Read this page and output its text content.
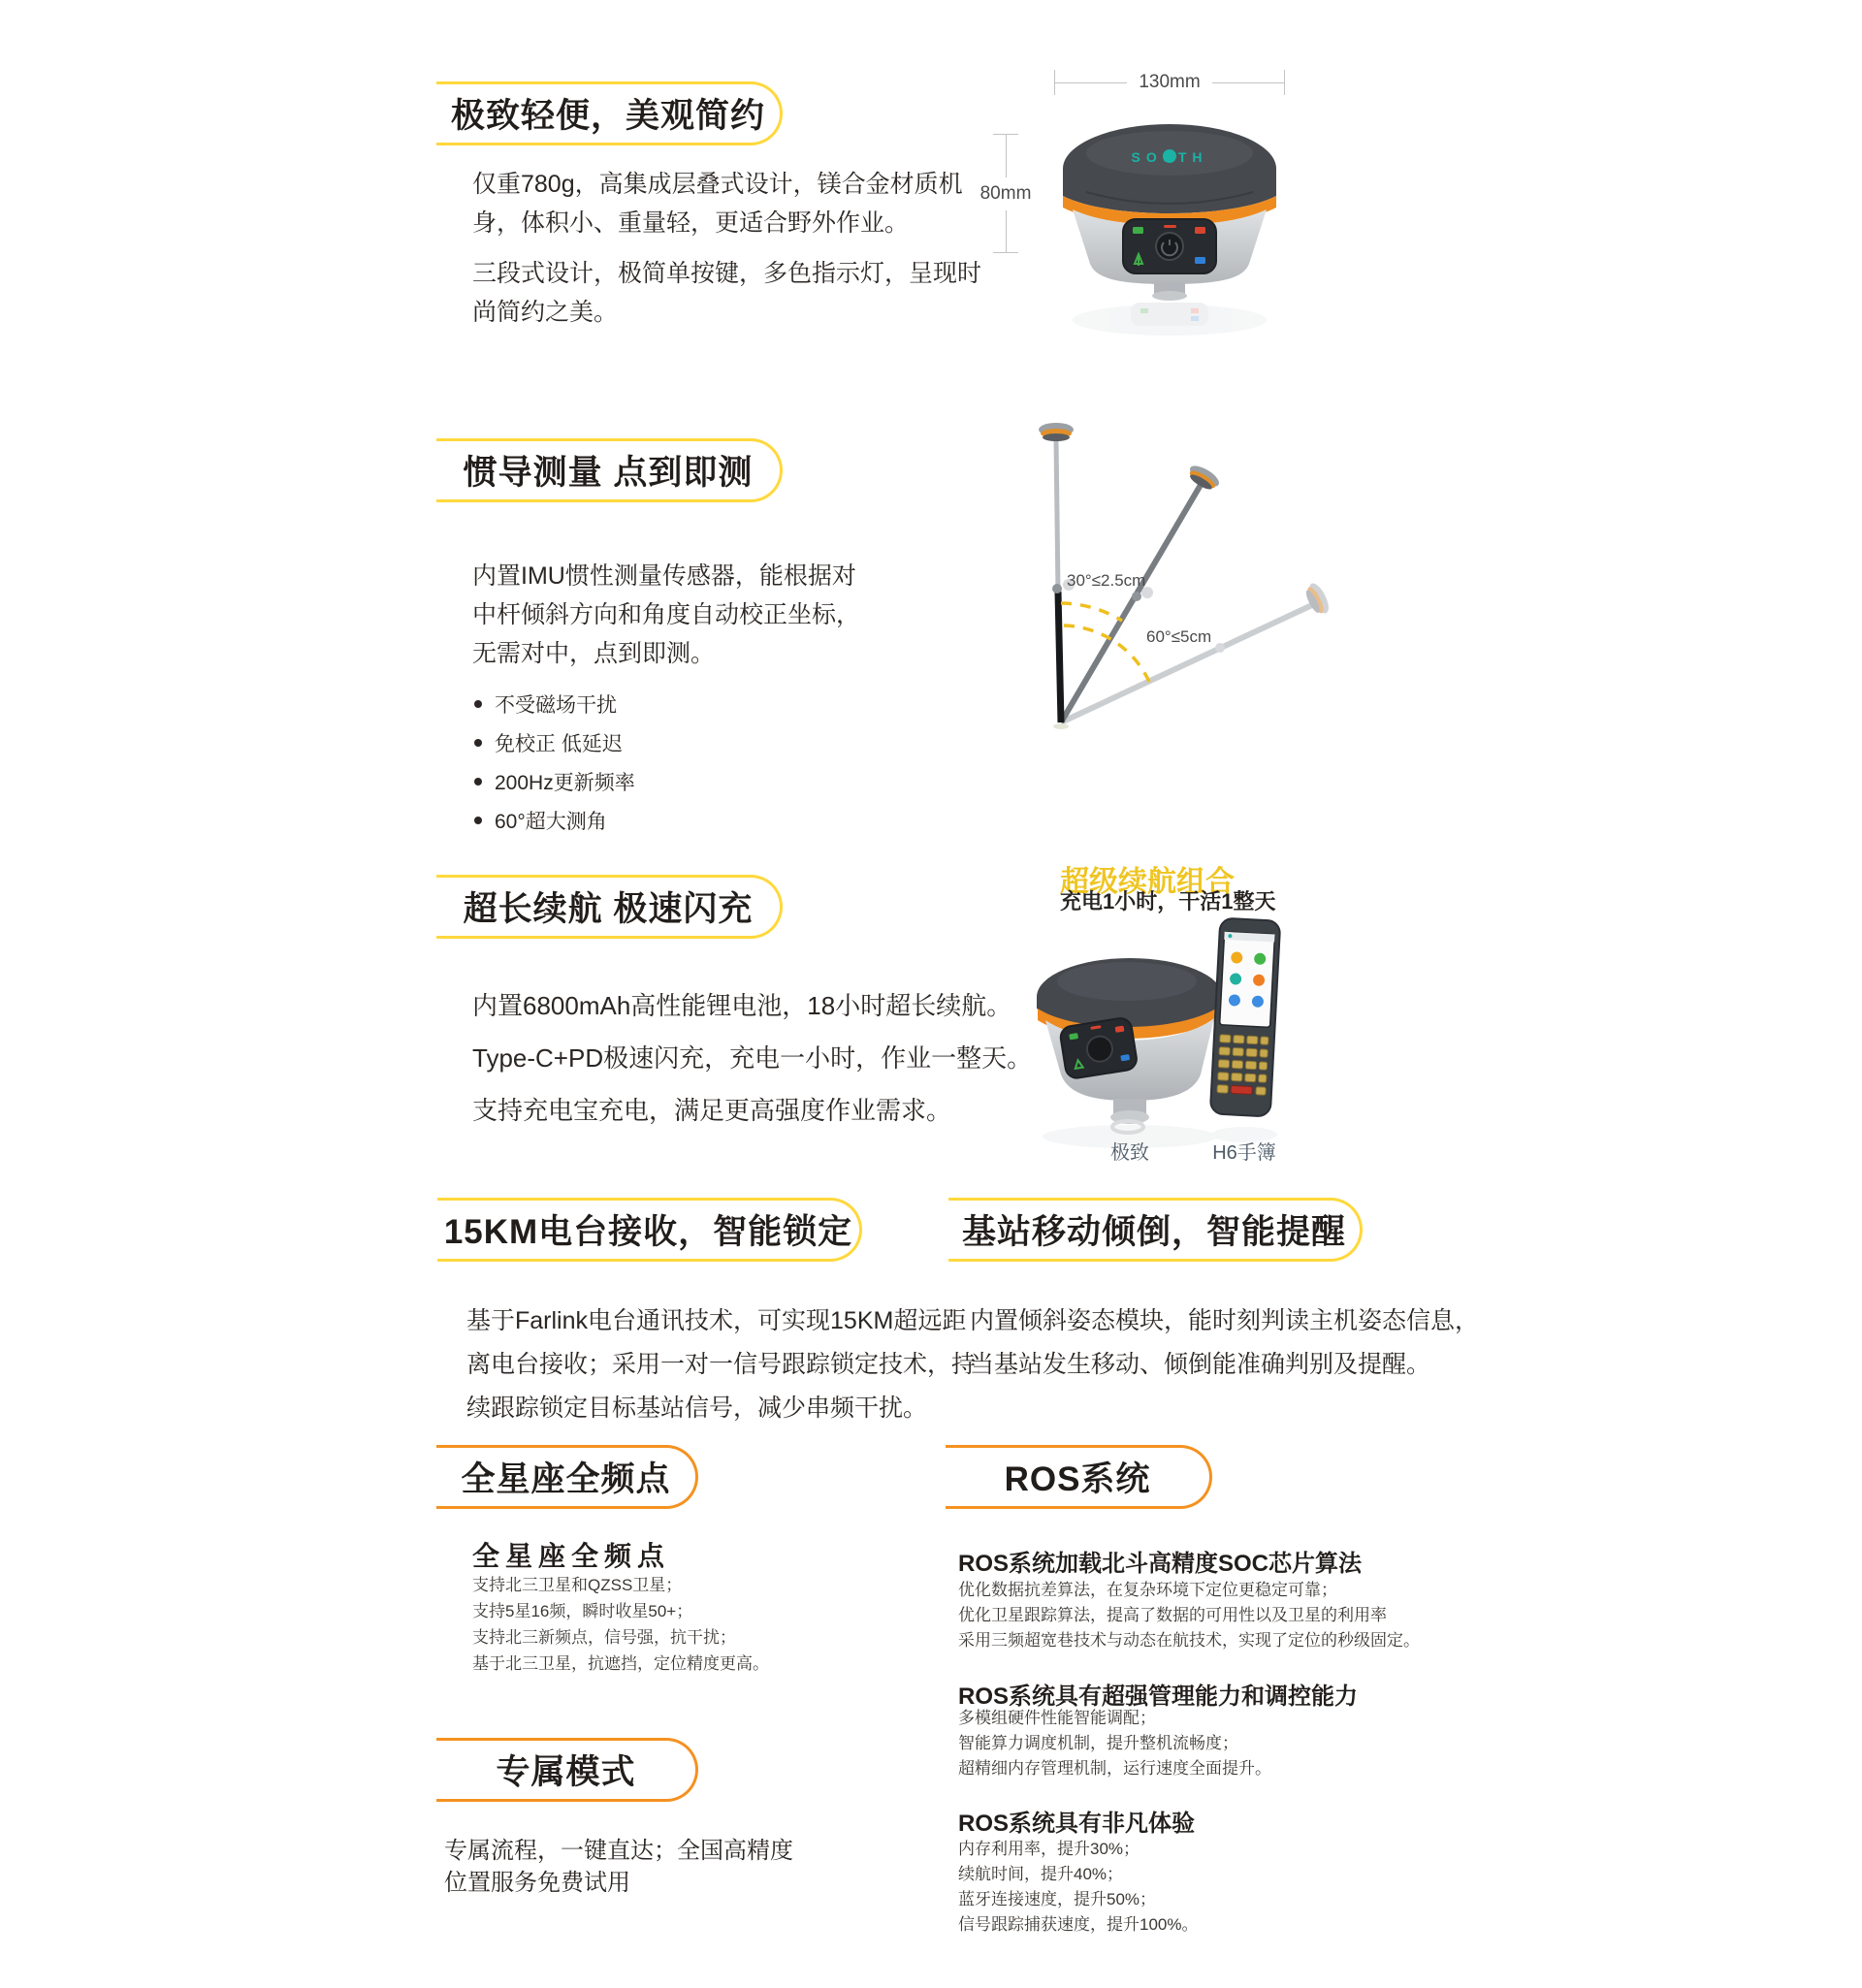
极致轻便，美观简约
仅重780g，高集成层叠式设计，镁合金材质机
身，体积小、重量轻，更适合野外作业。
三段式设计，极简单按键，多色指示灯，呈现时
尚简约之美。
130mm
80mm
SOUTH
惯导测量 点到即测
内置IMU惯性测量传感器，能根据对
中杆倾斜方向和角度自动校正坐标，
无需对中，点到即测。
不受磁场干扰
免校正 低延迟
200Hz更新频率
60°超大测角
30°≤2.5cm
60°≤5cm
超长续航 极速闪充
内置6800mAh高性能锂电池，18小时超长续航。
Type-C+PD极速闪充，充电一小时，作业一整天。
支持充电宝充电，满足更高强度作业需求。
超级续航组合
充电1小时，干活1整天
极致	H6手簿
15KM电台接收，智能锁定
基于Farlink电台通讯技术，可实现15KM超远距
离电台接收；采用一对一信号跟踪锁定技术，持
续跟踪锁定目标基站信号，减少串频干扰。
基站移动倾倒，智能提醒
内置倾斜姿态模块，能时刻判读主机姿态信息，
当基站发生移动、倾倒能准确判别及提醒。
全星座全频点
全星座全频点
支持北三卫星和QZSS卫星；
支持5星16频，瞬时收星50+；
支持北三新频点，信号强，抗干扰；
基于北三卫星，抗遮挡，定位精度更高。
ROS系统
ROS系统加载北斗高精度SOC芯片算法
优化数据抗差算法，在复杂环境下定位更稳定可靠；
优化卫星跟踪算法，提高了数据的可用性以及卫星的利用率
采用三频超宽巷技术与动态在航技术，实现了定位的秒级固定。
ROS系统具有超强管理能力和调控能力
多模组硬件性能智能调配；
智能算力调度机制，提升整机流畅度；
超精细内存管理机制，运行速度全面提升。
ROS系统具有非凡体验
内存利用率，提升30%；
续航时间，提升40%；
蓝牙连接速度，提升50%；
信号跟踪捕获速度，提升100%。
专属模式
专属流程，一键直达；全国高精度
位置服务免费试用
